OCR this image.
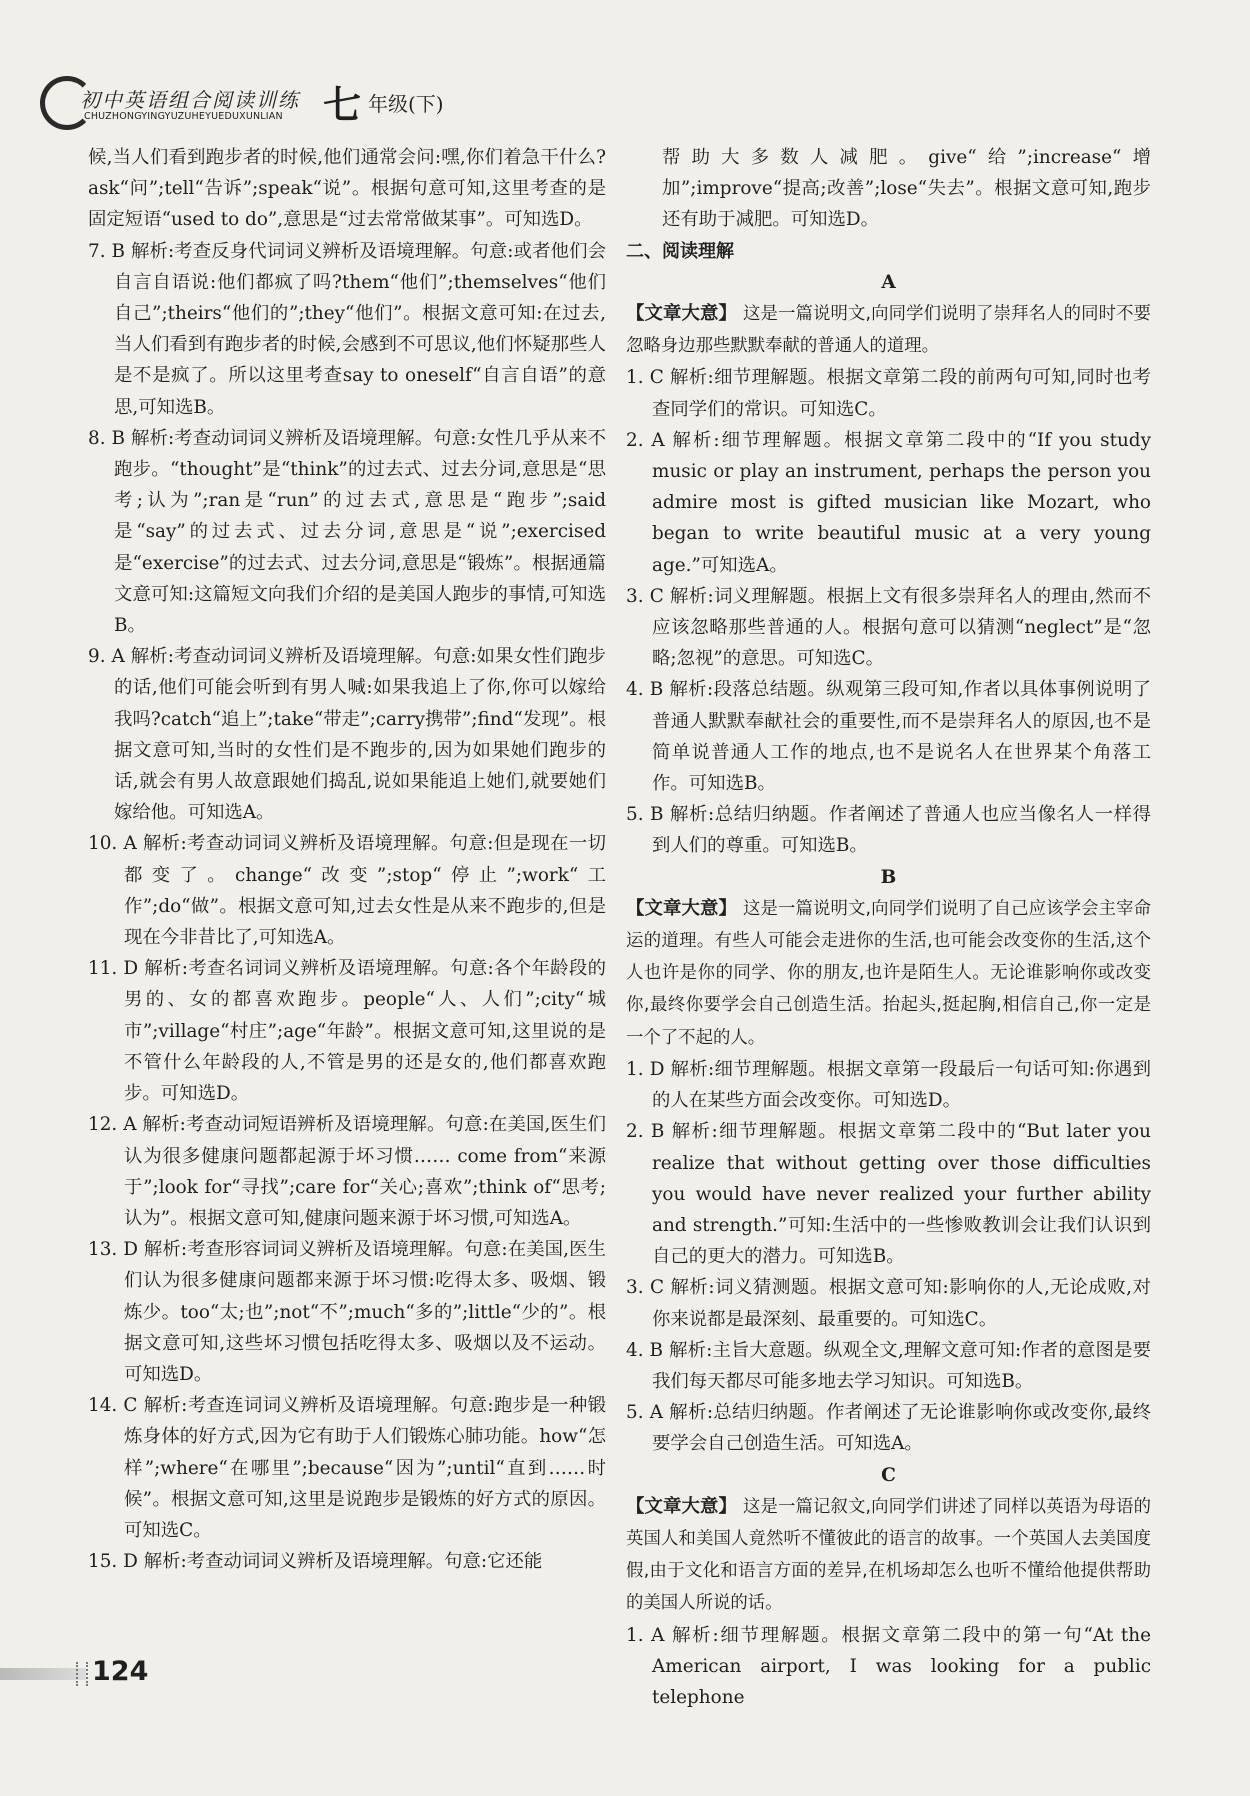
初中英语组合阅读训练
CHUZHONGYINGYUZUHEYUEDUXUNLIAN 七 年级(下)

候,当人们看到跑步者的时候,他们通常会问:嘿,你们着急干什么?ask“问”;tell“告诉”;speak“说”。根据句意可知,这里考查的是固定短语“used to do”,意思是“过去常常做某事”。可知选D。

7. B 解析:考查反身代词词义辨析及语境理解。句意:或者他们会自言自语说:他们都疯了吗?them“他们”;themselves“他们自己”;theirs“他们的”;they“他们”。根据文意可知:在过去,当人们看到有跑步者的时候,会感到不可思议,他们怀疑那些人是不是疯了。所以这里考查say to oneself“自言自语”的意思,可知选B。

8. B 解析:考查动词词义辨析及语境理解。句意:女性几乎从来不跑步。“thought”是“think”的过去式、过去分词,意思是“思考;认为”;ran是“run”的过去式,意思是“跑步”;said是“say”的过去式、过去分词,意思是“说”;exercised是“exercise”的过去式、过去分词,意思是“锻炼”。根据通篇文意可知:这篇短文向我们介绍的是美国人跑步的事情,可知选B。

9. A 解析:考查动词词义辨析及语境理解。句意:如果女性们跑步的话,他们可能会听到有男人喊:如果我追上了你,你可以嫁给我吗?catch“追上”;take“带走”;carry携带”;find“发现”。根据文意可知,当时的女性们是不跑步的,因为如果她们跑步的话,就会有男人故意跟她们捣乱,说如果能追上她们,就要她们嫁给他。可知选A。

10. A 解析:考查动词词义辨析及语境理解。句意:但是现在一切都变了。change“改变”;stop“停止”;work“工作”;do“做”。根据文意可知,过去女性是从来不跑步的,但是现在今非昔比了,可知选A。

11. D 解析:考查名词词义辨析及语境理解。句意:各个年龄段的男的、女的都喜欢跑步。people“人、人们”;city“城市”;village“村庄”;age“年龄”。根据文意可知,这里说的是不管什么年龄段的人,不管是男的还是女的,他们都喜欢跑步。可知选D。

12. A 解析:考查动词短语辨析及语境理解。句意:在美国,医生们认为很多健康问题都起源于坏习惯…… come from“来源于”;look for“寻找”;care for“关心;喜欢”;think of“思考;认为”。根据文意可知,健康问题来源于坏习惯,可知选A。

13. D 解析:考查形容词词义辨析及语境理解。句意:在美国,医生们认为很多健康问题都来源于坏习惯:吃得太多、吸烟、锻炼少。too“太;也”;not“不”;much“多的”;little“少的”。根据文意可知,这些坏习惯包括吃得太多、吸烟以及不运动。可知选D。

14. C 解析:考查连词词义辨析及语境理解。句意:跑步是一种锻炼身体的好方式,因为它有助于人们锻炼心肺功能。how“怎样”;where“在哪里”;because“因为”;until“直到……时候”。根据文意可知,这里是说跑步是锻炼的好方式的原因。可知选C。

15. D 解析:考查动词词义辨析及语境理解。句意:它还能

帮助大多数人减肥。give“给”;increase“增加”;improve“提高;改善”;lose“失去”。根据文意可知,跑步还有助于减肥。可知选D。

二、阅读理解

A

【文章大意】 这是一篇说明文,向同学们说明了崇拜名人的同时不要忽略身边那些默默奉献的普通人的道理。

1. C 解析:细节理解题。根据文章第二段的前两句可知,同时也考查同学们的常识。可知选C。

2. A 解析:细节理解题。根据文章第二段中的“If you study music or play an instrument, perhaps the person you admire most is gifted musician like Mozart, who began to write beautiful music at a very young age.”可知选A。

3. C 解析:词义理解题。根据上文有很多崇拜名人的理由,然而不应该忽略那些普通的人。根据句意可以猜测“neglect”是“忽略;忽视”的意思。可知选C。

4. B 解析:段落总结题。纵观第三段可知,作者以具体事例说明了普通人默默奉献社会的重要性,而不是崇拜名人的原因,也不是简单说普通人工作的地点,也不是说名人在世界某个角落工作。可知选B。

5. B 解析:总结归纳题。作者阐述了普通人也应当像名人一样得到人们的尊重。可知选B。

B

【文章大意】 这是一篇说明文,向同学们说明了自己应该学会主宰命运的道理。有些人可能会走进你的生活,也可能会改变你的生活,这个人也许是你的同学、你的朋友,也许是陌生人。无论谁影响你或改变你,最终你要学会自己创造生活。抬起头,挺起胸,相信自己,你一定是一个了不起的人。

1. D 解析:细节理解题。根据文章第一段最后一句话可知:你遇到的人在某些方面会改变你。可知选D。

2. B 解析:细节理解题。根据文章第二段中的“But later you realize that without getting over those difficulties you would have never realized your further ability and strength.”可知:生活中的一些惨败教训会让我们认识到自己的更大的潜力。可知选B。

3. C 解析:词义猜测题。根据文意可知:影响你的人,无论成败,对你来说都是最深刻、最重要的。可知选C。

4. B 解析:主旨大意题。纵观全文,理解文意可知:作者的意图是要我们每天都尽可能多地去学习知识。可知选B。

5. A 解析:总结归纳题。作者阐述了无论谁影响你或改变你,最终要学会自己创造生活。可知选A。

C

【文章大意】 这是一篇记叙文,向同学们讲述了同样以英语为母语的英国人和美国人竟然听不懂彼此的语言的故事。一个英国人去美国度假,由于文化和语言方面的差异,在机场却怎么也听不懂给他提供帮助的美国人所说的话。

1. A 解析:细节理解题。根据文章第二段中的第一句“At the American airport, I was looking for a public telephone

124
